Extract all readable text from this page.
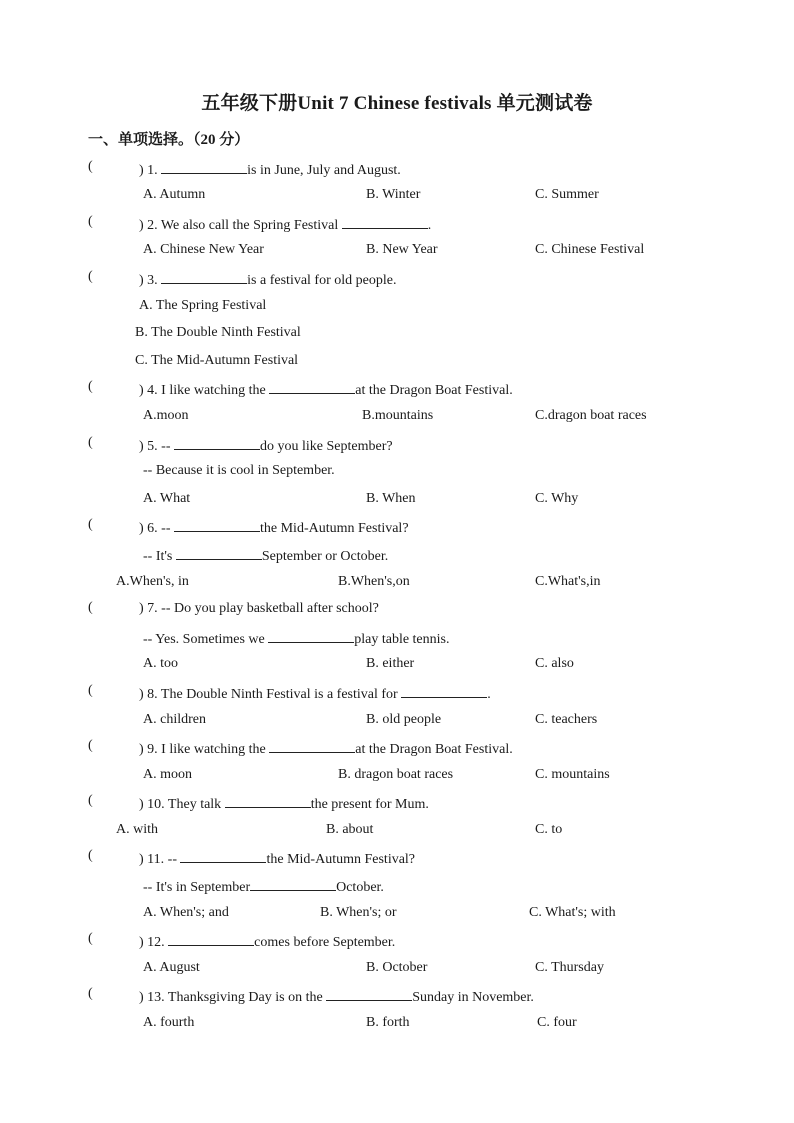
五年级下册Unit 7 Chinese festivals 单元测试卷
一、单项选择。（20 分）
(	) 1.	is in June, July and August.
A. Autumn	B. Winter	C. Summer
(	) 2. We also call the Spring Festival	.
A. Chinese New Year	B. New Year	C. Chinese Festival
(	) 3.	is a festival for old people.
A. The Spring Festival
B. The Double Ninth Festival
C. The Mid-Autumn Festival
(	) 4. I like watching the	at the Dragon Boat Festival.
A.moon	B.mountains	C.dragon boat races
(	) 5. --	do you like September?
-- Because it is cool in September.
A. What	B. When	C. Why
(	) 6. --	the Mid-Autumn Festival?
-- It's	September or October.
A.When's, in	B.When's,on	C.What's,in
(	) 7. -- Do you play basketball after school?
-- Yes. Sometimes we	play table tennis.
A. too	B. either	C. also
(	) 8. The Double Ninth Festival is a festival for	.
A. children	B. old people	C. teachers
(	) 9. I like watching the	at the Dragon Boat Festival.
A. moon	B. dragon boat races	C. mountains
(	) 10. They talk	the present for Mum.
A. with	B. about	C. to
(	) 11. --	the Mid-Autumn Festival?
-- It's in September	October.
A. When's; and	B. When's; or	C. What's; with
(	) 12.	comes before September.
A. August	B. October	C. Thursday
(	) 13. Thanksgiving Day is on the	Sunday in November.
A. fourth	B. forth	C. four
